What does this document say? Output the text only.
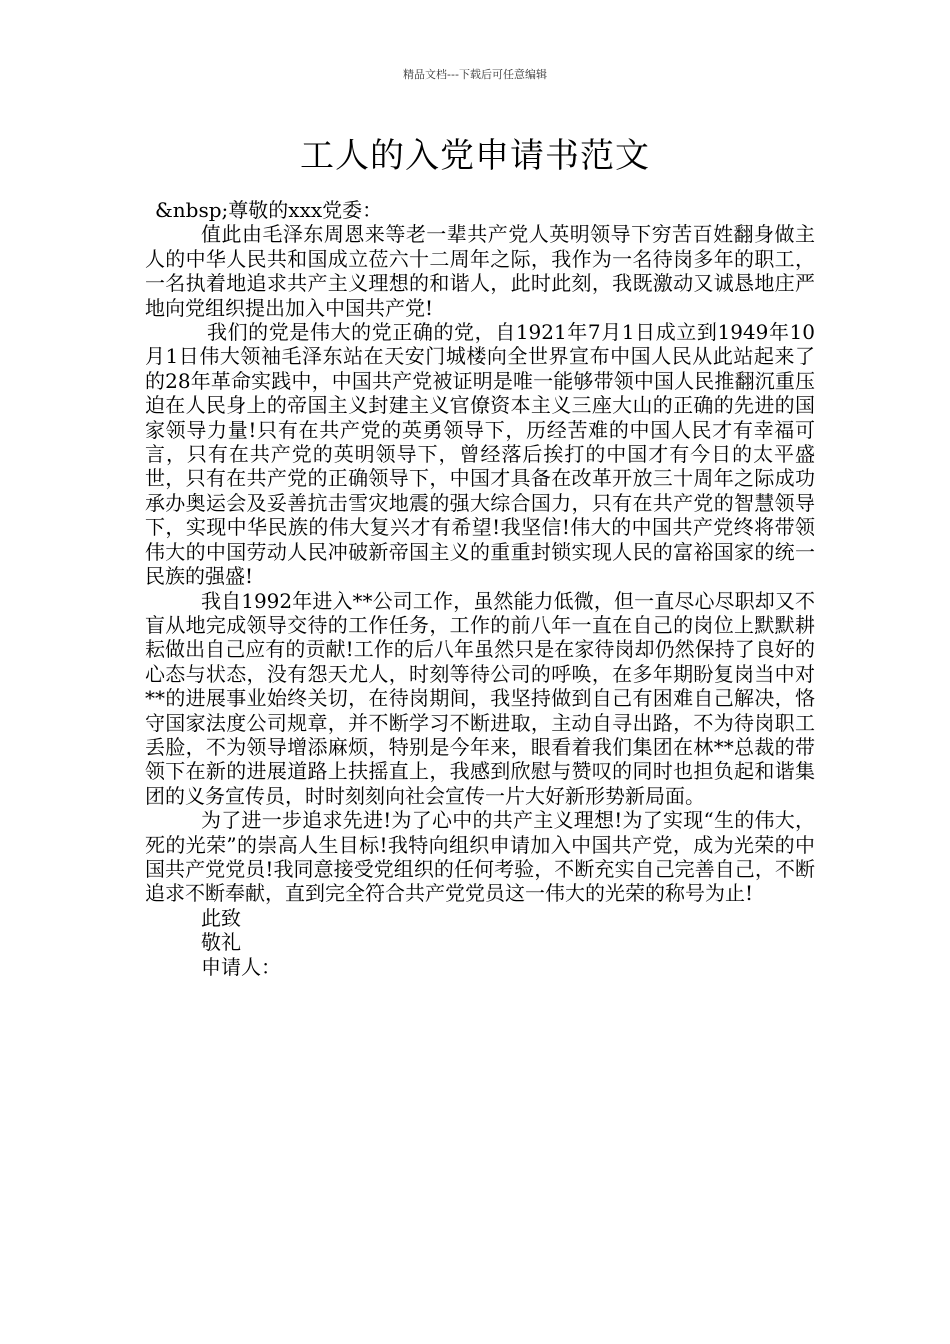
精品文档---下载后可任意编辑
工人的入党申请书范文

&nbsp;尊敬的xxx党委：

值此由毛泽东周恩来等老一辈共产党人英明领导下穷苦百姓翻身做主人的中华人民共和国成立莅六十二周年之际，我作为一名待岗多年的职工，一名执着地追求共产主义理想的和谐人，此时此刻，我既激动又诚恳地庄严地向党组织提出加入中国共产党!

我们的党是伟大的党正确的党，自1921年7月1日成立到1949年10月1日伟大领袖毛泽东站在天安门城楼向全世界宣布中国人民从此站起来了的28年革命实践中，中国共产党被证明是唯一能够带领中国人民推翻沉重压迫在人民身上的帝国主义封建主义官僚资本主义三座大山的正确的先进的国家领导力量!只有在共产党的英勇领导下，历经苦难的中国人民才有幸福可言，只有在共产党的英明领导下，曾经落后挨打的中国才有今日的太平盛世，只有在共产党的正确领导下，中国才具备在改革开放三十周年之际成功承办奥运会及妥善抗击雪灾地震的强大综合国力，只有在共产党的智慧领导下，实现中华民族的伟大复兴才有希望!我坚信!伟大的中国共产党终将带领伟大的中国劳动人民冲破新帝国主义的重重封锁实现人民的富裕国家的统一民族的强盛!

我自1992年进入**公司工作，虽然能力低微，但一直尽心尽职却又不盲从地完成领导交待的工作任务，工作的前八年一直在自己的岗位上默默耕耘做出自己应有的贡献!工作的后八年虽然只是在家待岗却仍然保持了良好的心态与状态，没有怨天尤人，时刻等待公司的呼唤，在多年期盼复岗当中对**的进展事业始终关切，在待岗期间，我坚持做到自己有困难自己解决，恪守国家法度公司规章，并不断学习不断进取，主动自寻出路，不为待岗职工丢脸，不为领导增添麻烦，特别是今年来，眼看着我们集团在林**总裁的带领下在新的进展道路上扶摇直上，我感到欣慰与赞叹的同时也担负起和谐集团的义务宣传员，时时刻刻向社会宣传一片大好新形势新局面。

为了进一步追求先进!为了心中的共产主义理想!为了实现“生的伟大，死的光荣”的崇高人生目标!我特向组织申请加入中国共产党，成为光荣的中国共产党党员!我同意接受党组织的任何考验，不断充实自己完善自己，不断追求不断奉献，直到完全符合共产党党员这一伟大的光荣的称号为止!

此致

敬礼

申请人：
